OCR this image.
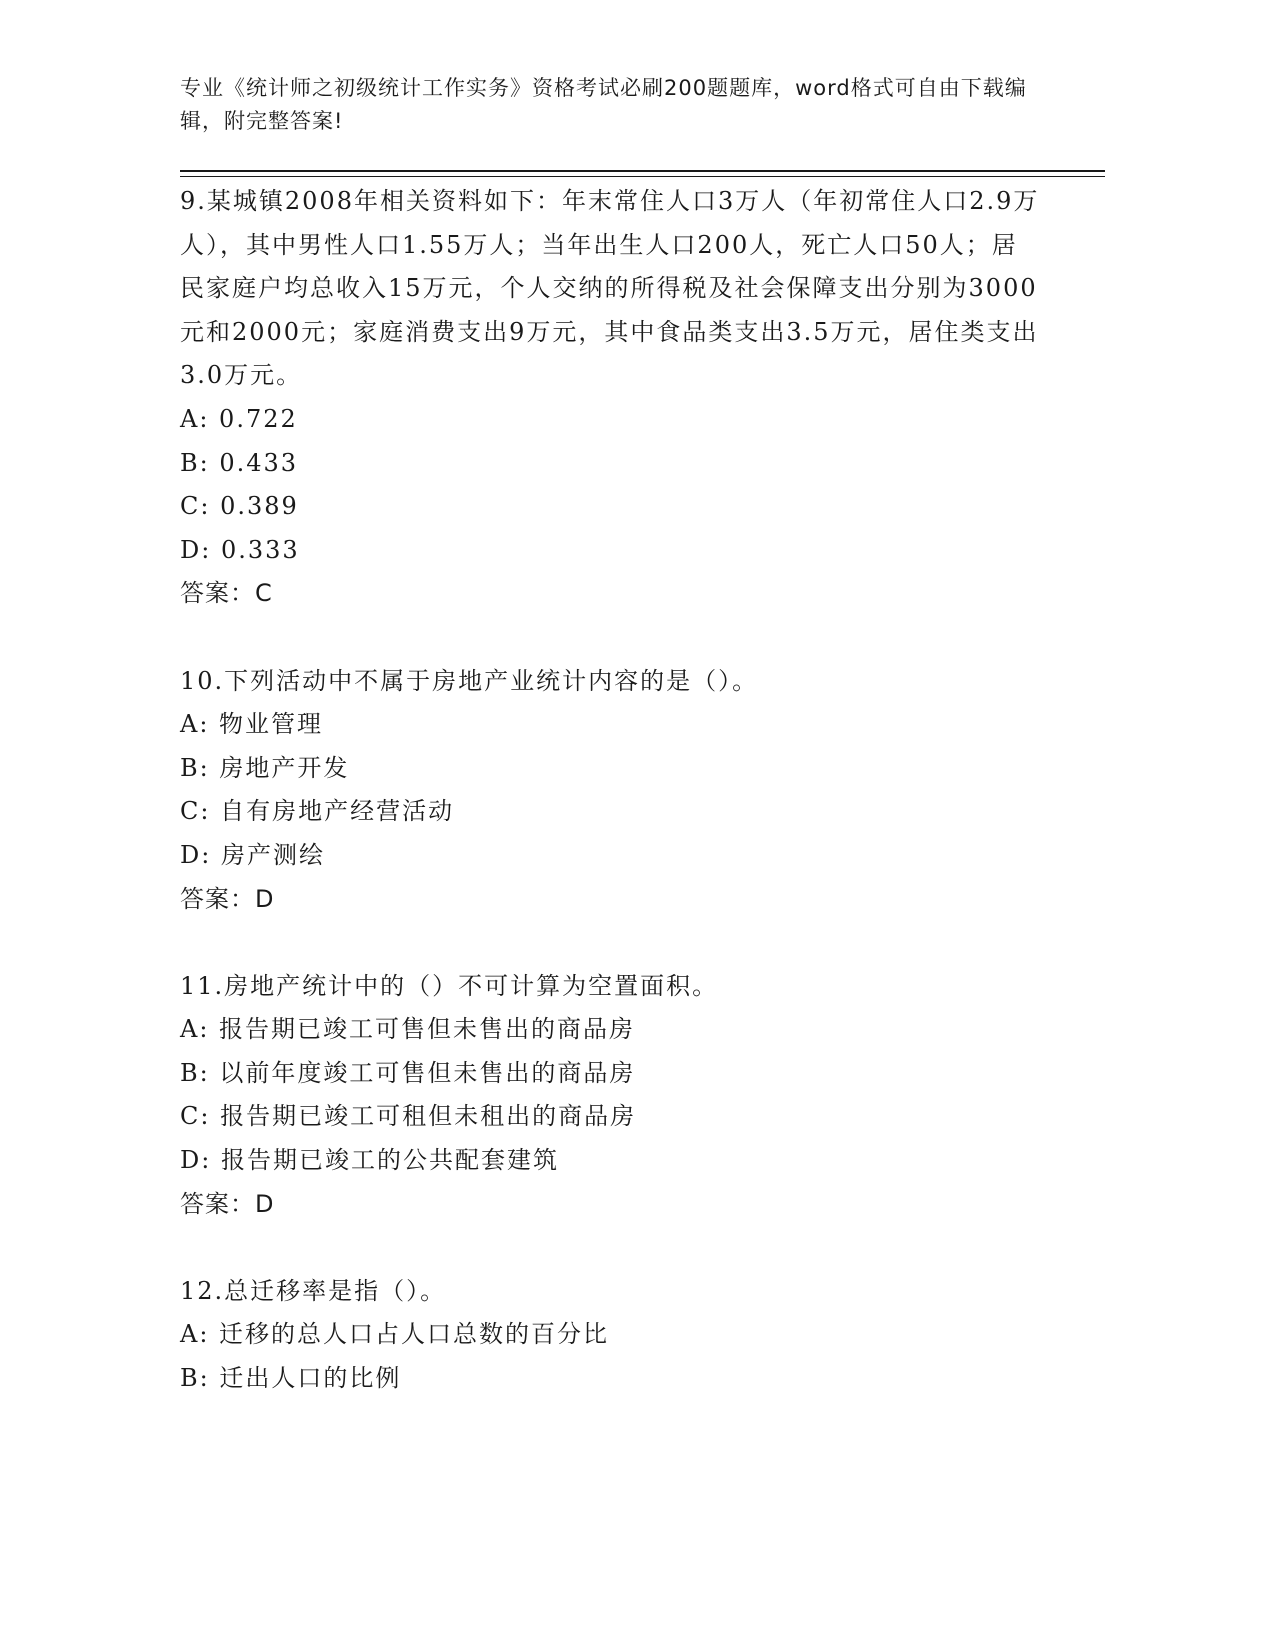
专业《统计师之初级统计工作实务》资格考试必刷200题题库，word格式可自由下载编辑，附完整答案!

9.某城镇2008年相关资料如下：年末常住人口3万人（年初常住人口2.9万人），其中男性人口1.55万人；当年出生人口200人，死亡人口50人；居民家庭户均总收入15万元，个人交纳的所得税及社会保障支出分别为3000元和2000元；家庭消费支出9万元，其中食品类支出3.5万元，居住类支出3.0万元。

A: 0.722

B: 0.433

C: 0.389

D: 0.333

答案：C

10.下列活动中不属于房地产业统计内容的是（）。

A: 物业管理

B: 房地产开发

C: 自有房地产经营活动

D: 房产测绘

答案：D

11.房地产统计中的（）不可计算为空置面积。

A: 报告期已竣工可售但未售出的商品房

B: 以前年度竣工可售但未售出的商品房

C: 报告期已竣工可租但未租出的商品房

D: 报告期已竣工的公共配套建筑

答案：D

12.总迁移率是指（）。

A: 迁移的总人口占人口总数的百分比

B: 迁出人口的比例
